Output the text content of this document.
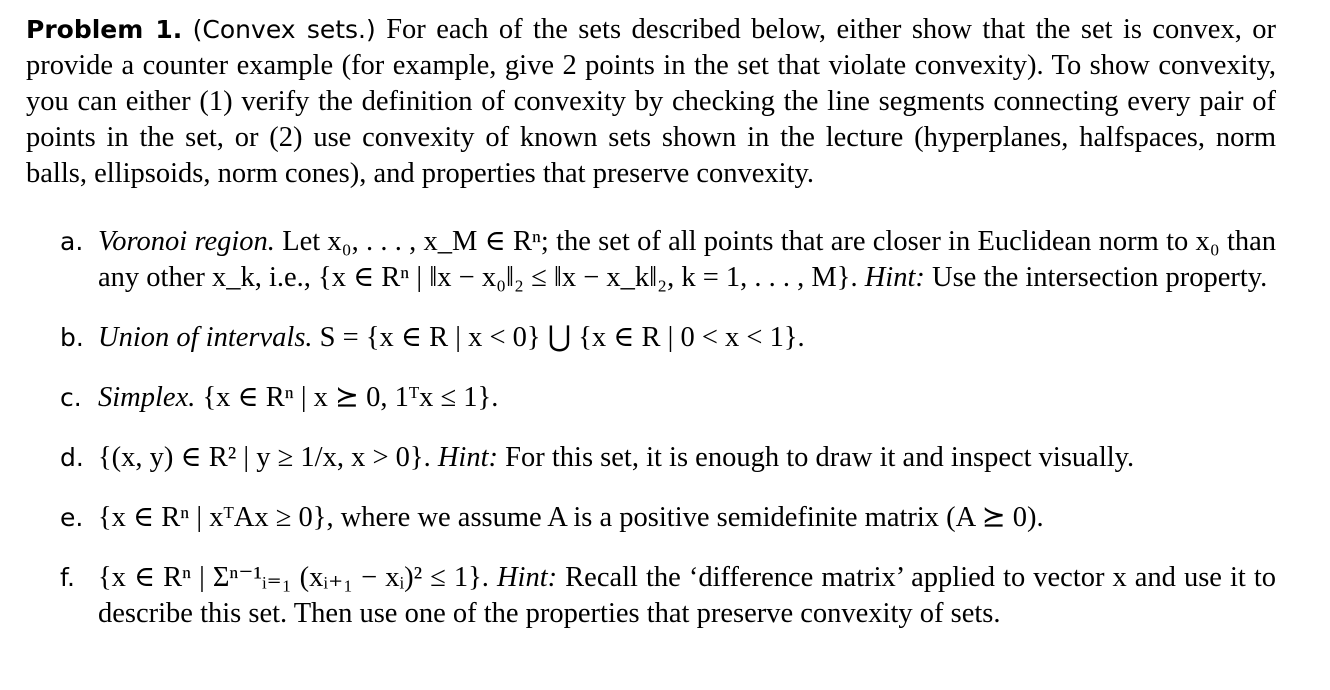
Problem 1. (Convex sets.) For each of the sets described below, either show that the set is convex, or provide a counter example (for example, give 2 points in the set that violate convexity). To show convexity, you can either (1) verify the definition of convexity by checking the line segments connecting every pair of points in the set, or (2) use convexity of known sets shown in the lecture (hyperplanes, halfspaces, norm balls, ellipsoids, norm cones), and properties that preserve convexity.

a. Voronoi region. Let x₀, . . . , x_M ∈ Rⁿ; the set of all points that are closer in Euclidean norm to x₀ than any other x_k, i.e., {x ∈ Rⁿ | ‖x − x₀‖₂ ≤ ‖x − x_k‖₂, k = 1, . . . , M}. Hint: Use the intersection property.
b. Union of intervals. S = {x ∈ R | x < 0} ⋃ {x ∈ R | 0 < x < 1}.
c. Simplex. {x ∈ Rⁿ | x ⪰ 0, 1ᵀx ≤ 1}.
d. {(x, y) ∈ R² | y ≥ 1/x, x > 0}. Hint: For this set, it is enough to draw it and inspect visually.
e. {x ∈ Rⁿ | xᵀAx ≥ 0}, where we assume A is a positive semidefinite matrix (A ⪰ 0).
f. {x ∈ Rⁿ | Σⁿ⁻¹ᵢ₌₁ (xᵢ₊₁ − xᵢ)² ≤ 1}. Hint: Recall the ‘difference matrix’ applied to vector x and use it to describe this set. Then use one of the properties that preserve convexity of sets.
